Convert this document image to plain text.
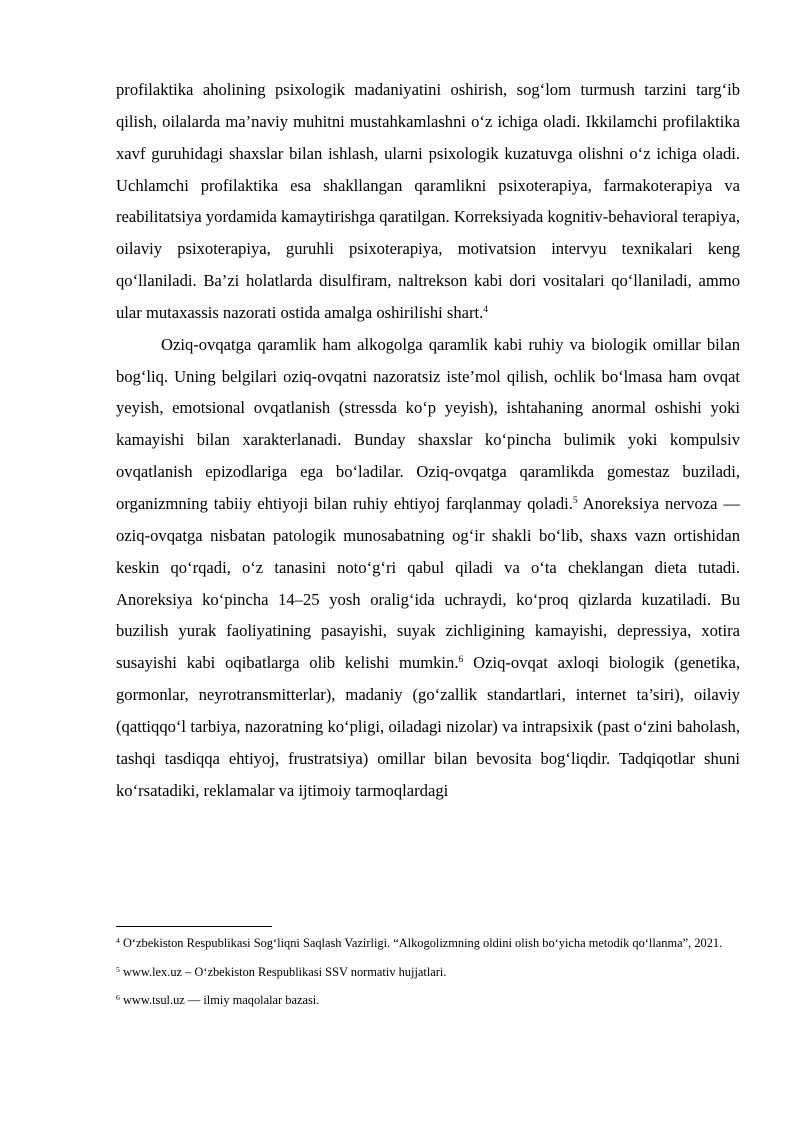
profilaktika aholining psixologik madaniyatini oshirish, sog‘lom turmush tarzini targ‘ib qilish, oilalarda ma’naviy muhitni mustahkamlashni o‘z ichiga oladi. Ikkilamchi profilaktika xavf guruhidagi shaxslar bilan ishlash, ularni psixologik kuzatuvga olishni o‘z ichiga oladi. Uchlamchi profilaktika esa shakllangan qaramlikni psixoterapiya, farmakoterapiya va reabilitatsiya yordamida kamaytirishga qaratilgan. Korreksiyada kognitiv-behavioral terapiya, oilaviy psixoterapiya, guruhli psixoterapiya, motivatsion intervyu texnikalari keng qo‘llaniladi. Ba’zi holatlarda disulfiram, naltrekson kabi dori vositalari qo‘llaniladi, ammo ular mutaxassis nazorati ostida amalga oshirilishi shart.$^4$

Oziq-ovqatga qaramlik ham alkogolga qaramlik kabi ruhiy va biologik omillar bilan bog‘liq. Uning belgilari oziq-ovqatni nazoratsiz iste’mol qilish, ochlik bo‘lmasa ham ovqat yeyish, emotsional ovqatlanish (stressda ko‘p yeyish), ishtahaning anormal oshishi yoki kamayishi bilan xarakterlanadi. Bunday shaxslar ko‘pincha bulimik yoki kompulsiv ovqatlanish epizodlariga ega bo‘ladilar. Oziq-ovqatga qaramlikda gomestaz buziladi, organizmning tabiiy ehtiyoji bilan ruhiy ehtiyoj farqlanmay qoladi.$^5$ Anoreksiya nervoza — oziq-ovqatga nisbatan patologik munosabatning og‘ir shakli bo‘lib, shaxs vazn ortishidan keskin qo‘rqadi, o‘z tanasini noto‘g‘ri qabul qiladi va o‘ta cheklangan dieta tutadi. Anoreksiya ko‘pincha 14–25 yosh oralig‘ida uchraydi, ko‘proq qizlarda kuzatiladi. Bu buzilish yurak faoliyatining pasayishi, suyak zichligining kamayishi, depressiya, xotira susayishi kabi oqibatlarga olib kelishi mumkin.$^6$ Oziq-ovqat axloqi biologik (genetika, gormonlar, neyrotransmitterlar), madaniy (go‘zallik standartlari, internet ta’siri), oilaviy (qattiqqo‘l tarbiya, nazoratning ko‘pligi, oiladagi nizolar) va intrapsixik (past o‘zini baholash, tashqi tasdiqqa ehtiyoj, frustratsiya) omillar bilan bevosita bog‘liqdir. Tadqiqotlar shuni ko‘rsatadiki, reklamalar va ijtimoiy tarmoqlardagi

$^4$ O‘zbekiston Respublikasi Sog‘liqni Saqlash Vazirligi. “Alkogolizmning oldini olish bo‘yicha metodik qo‘llanma”, 2021.

$^5$ www.lex.uz – O‘zbekiston Respublikasi SSV normativ hujjatlari.

$^6$ www.tsul.uz — ilmiy maqolalar bazasi.
